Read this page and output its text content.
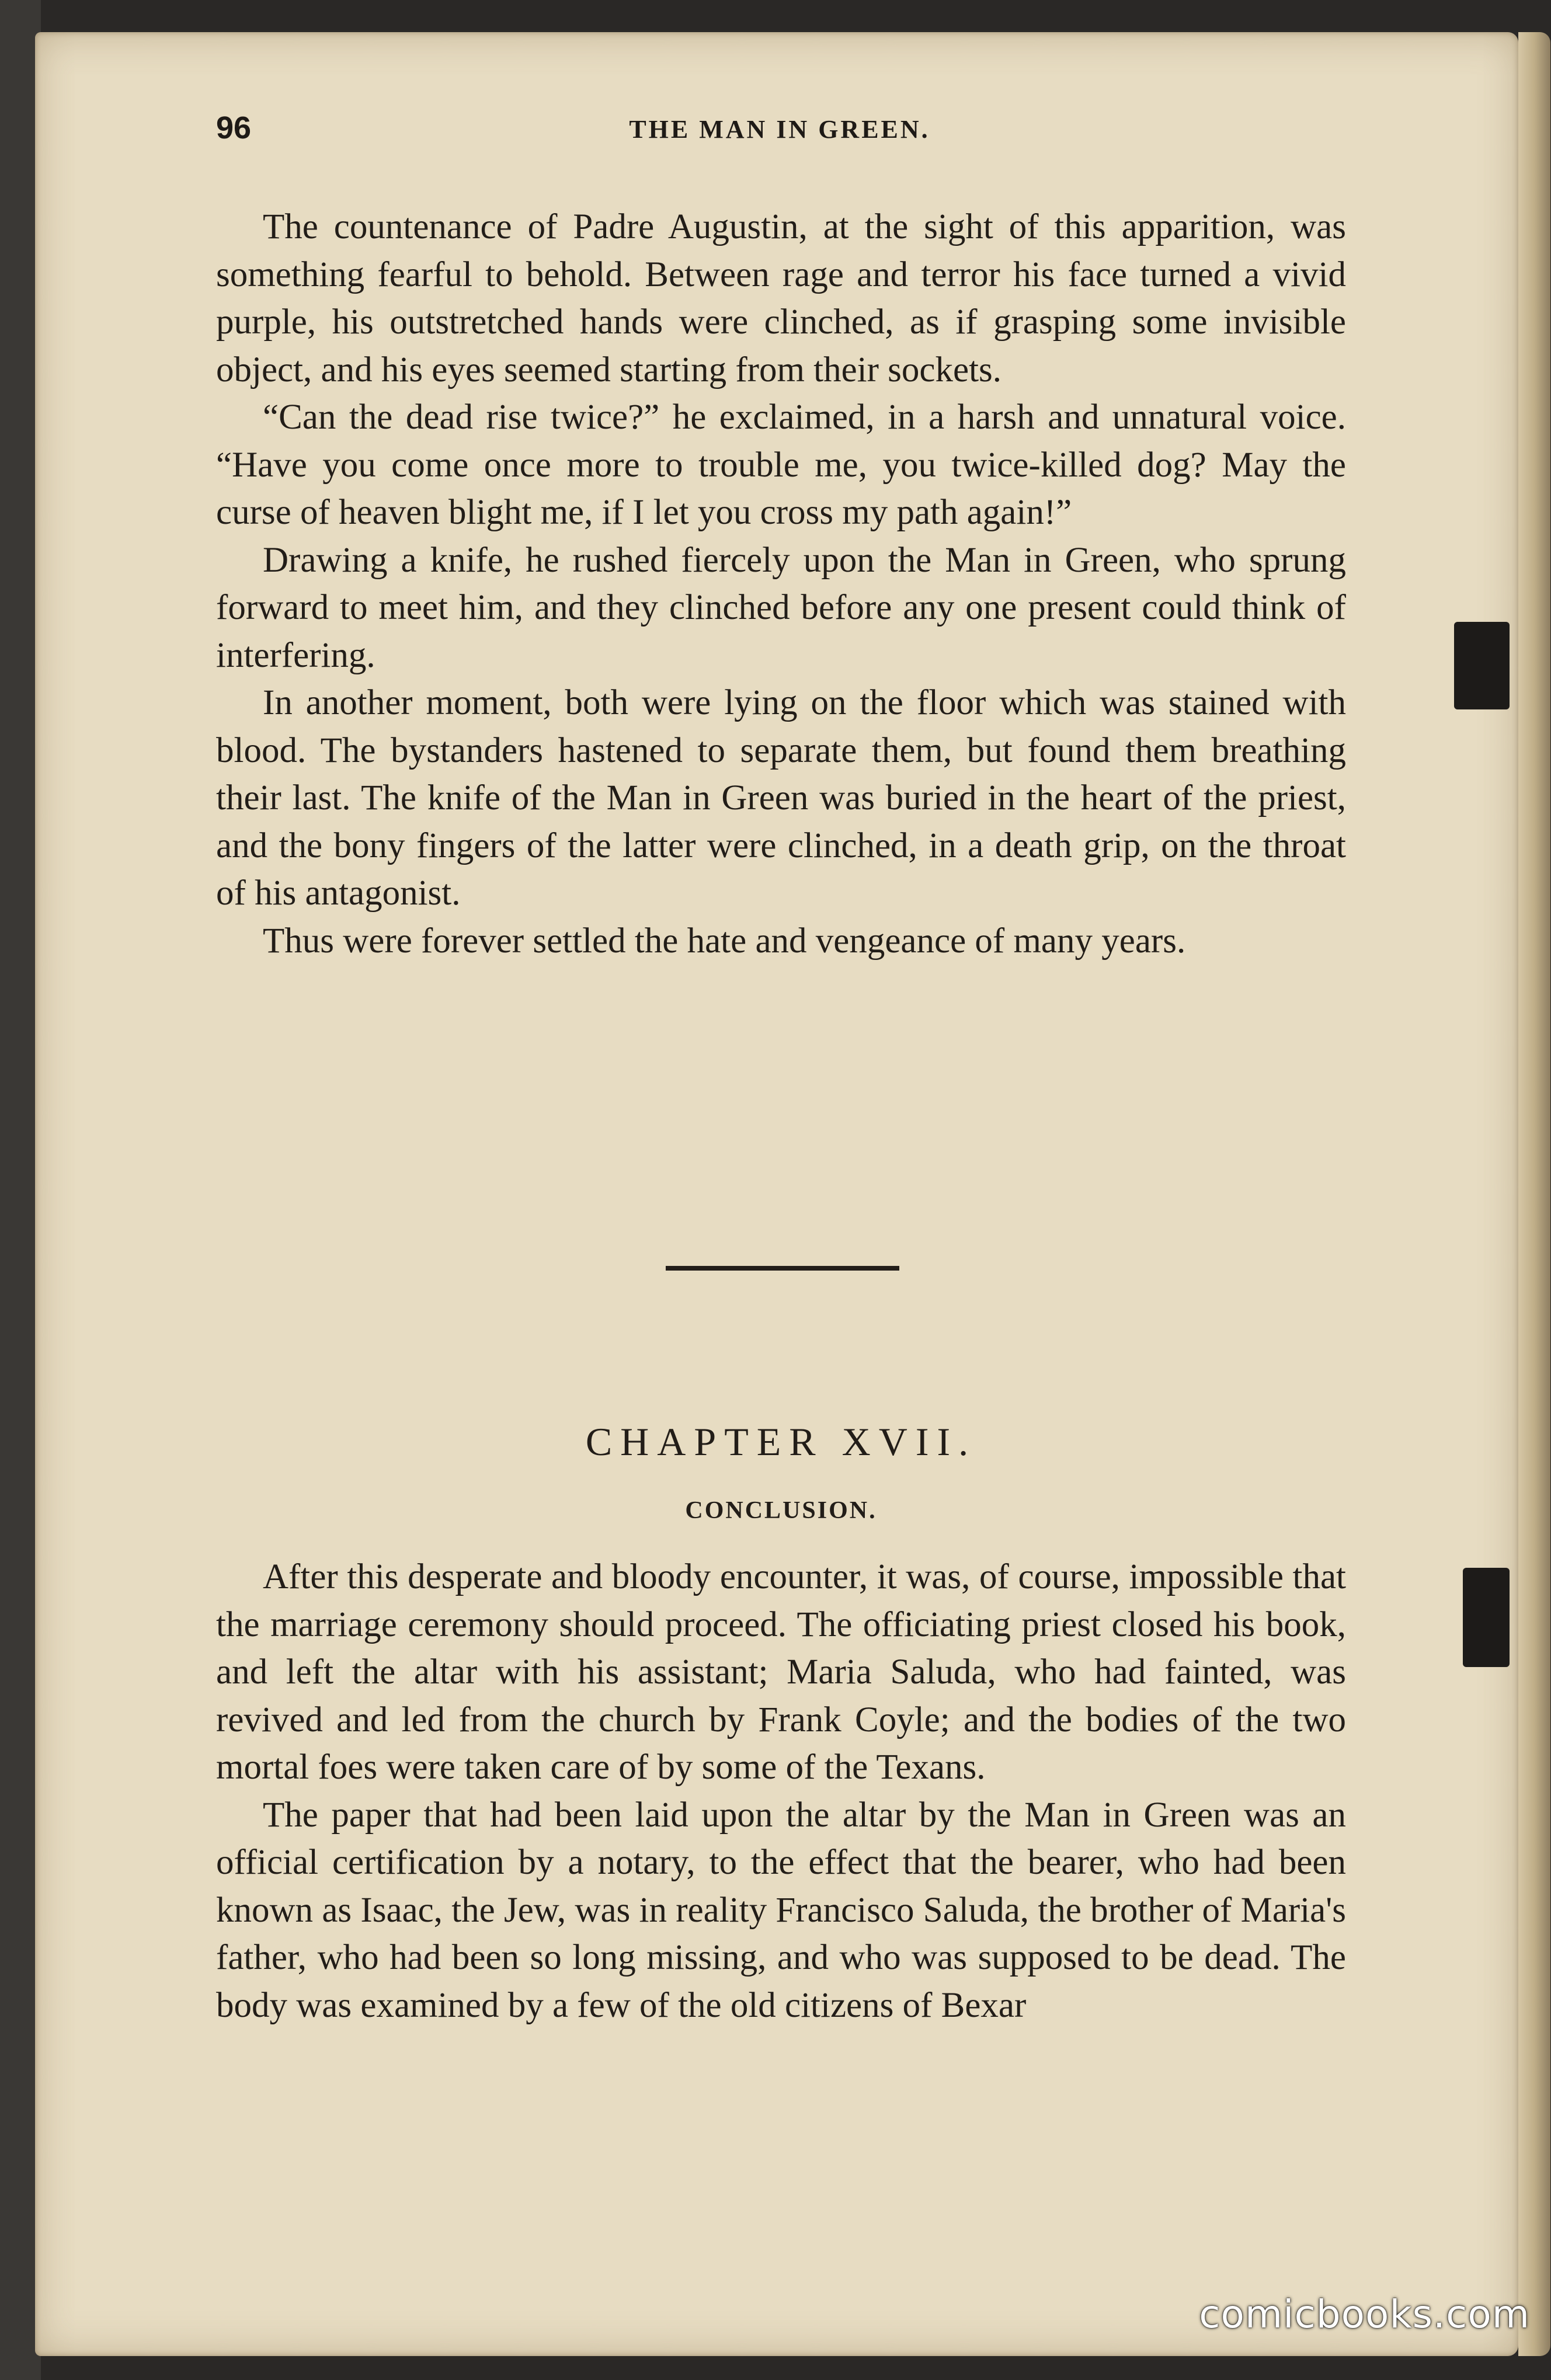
96	THE MAN IN GREEN.

The countenance of Padre Augustin, at the sight of this apparition, was something fearful to behold. Between rage and terror his face turned a vivid purple, his outstretched hands were clinched, as if grasping some invisible object, and his eyes seemed starting from their sockets.

“Can the dead rise twice?” he exclaimed, in a harsh and unnatural voice. “Have you come once more to trouble me, you twice-killed dog? May the curse of heaven blight me, if I let you cross my path again!”

Drawing a knife, he rushed fiercely upon the Man in Green, who sprung forward to meet him, and they clinched before any one present could think of interfering.

In another moment, both were lying on the floor which was stained with blood. The bystanders hastened to separate them, but found them breathing their last. The knife of the Man in Green was buried in the heart of the priest, and the bony fingers of the latter were clinched, in a death grip, on the throat of his antagonist.

Thus were forever settled the hate and vengeance of many years.

CHAPTER XVII.
CONCLUSION.

After this desperate and bloody encounter, it was, of course, impossible that the marriage ceremony should proceed. The officiating priest closed his book, and left the altar with his assistant; Maria Saluda, who had fainted, was revived and led from the church by Frank Coyle; and the bodies of the two mortal foes were taken care of by some of the Texans.

The paper that had been laid upon the altar by the Man in Green was an official certification by a notary, to the effect that the bearer, who had been known as Isaac, the Jew, was in reality Francisco Saluda, the brother of Maria's father, who had been so long missing, and who was supposed to be dead. The body was examined by a few of the old citizens of Bexar

comicbooks.com
